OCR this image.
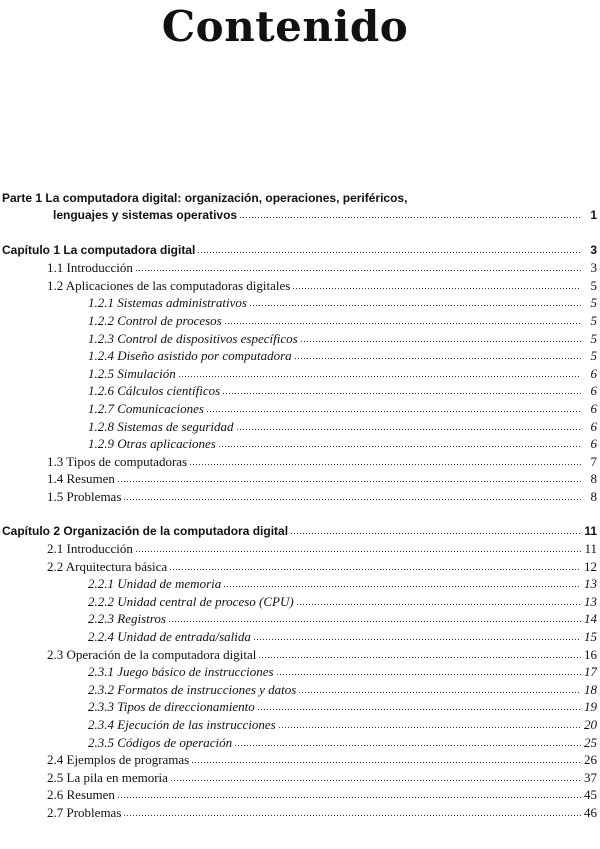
Contenido
Parte 1 La computadora digital: organización, operaciones, periféricos,
lenguajes y sistemas operativos	1
Capítulo 1 La computadora digital	3
1.1 Introducción	3
1.2 Aplicaciones de las computadoras digitales	5
1.2.1 Sistemas administrativos	5
1.2.2 Control de procesos	5
1.2.3 Control de dispositivos específicos	5
1.2.4 Diseño asistido por computadora	5
1.2.5 Simulación	6
1.2.6 Cálculos científicos	6
1.2.7 Comunicaciones	6
1.2.8 Sistemas de seguridad	6
1.2.9 Otras aplicaciones	6
1.3 Tipos de computadoras	7
1.4 Resumen	8
1.5 Problemas	8
Capítulo 2 Organización de la computadora digital	11
2.1 Introducción	11
2.2 Arquitectura básica	12
2.2.1 Unidad de memoria	13
2.2.2 Unidad central de proceso (CPU)	13
2.2.3 Registros	14
2.2.4 Unidad de entrada/salida	15
2.3 Operación de la computadora digital	16
2.3.1 Juego básico de instrucciones	17
2.3.2 Formatos de instrucciones y datos	18
2.3.3 Tipos de direccionamiento	19
2.3.4 Ejecución de las instrucciones	20
2.3.5 Códigos de operación	25
2.4 Ejemplos de programas	26
2.5 La pila en memoria	37
2.6 Resumen	45
2.7 Problemas	46
